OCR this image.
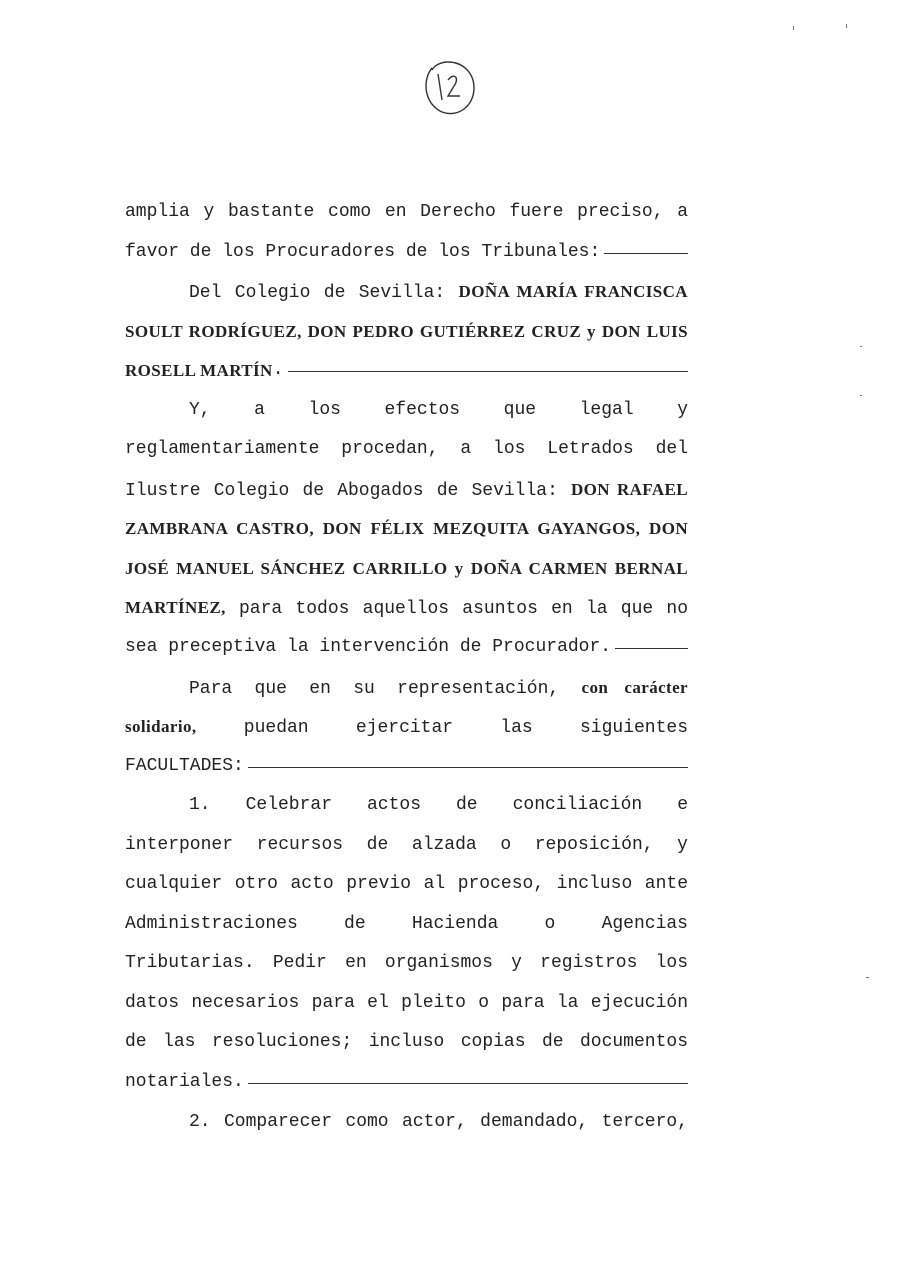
amplia y bastante como en Derecho fuere preciso, a
favor de los Procuradores de los Tribunales:
Del Colegio de Sevilla: DOÑA MARÍA FRANCISCA
SOULT RODRÍGUEZ, DON PEDRO GUTIÉRREZ CRUZ y DON LUIS
ROSELL MARTÍN .
Y, a los efectos que legal y
reglamentariamente procedan, a los Letrados del
Ilustre Colegio de Abogados de Sevilla: DON RAFAEL
ZAMBRANA CASTRO, DON FÉLIX MEZQUITA GAYANGOS, DON
JOSÉ MANUEL SÁNCHEZ CARRILLO y DOÑA CARMEN BERNAL
MARTÍNEZ, para todos aquellos asuntos en la que no
sea preceptiva la intervención de Procurador.
Para que en su representación, con carácter
solidario, puedan ejercitar las siguientes
FACULTADES:
1. Celebrar actos de conciliación e
interponer recursos de alzada o reposición, y
cualquier otro acto previo al proceso, incluso ante
Administraciones de Hacienda o Agencias
Tributarias. Pedir en organismos y registros los
datos necesarios para el pleito o para la ejecución
de las resoluciones; incluso copias de documentos
notariales.
2. Comparecer como actor, demandado, tercero,
